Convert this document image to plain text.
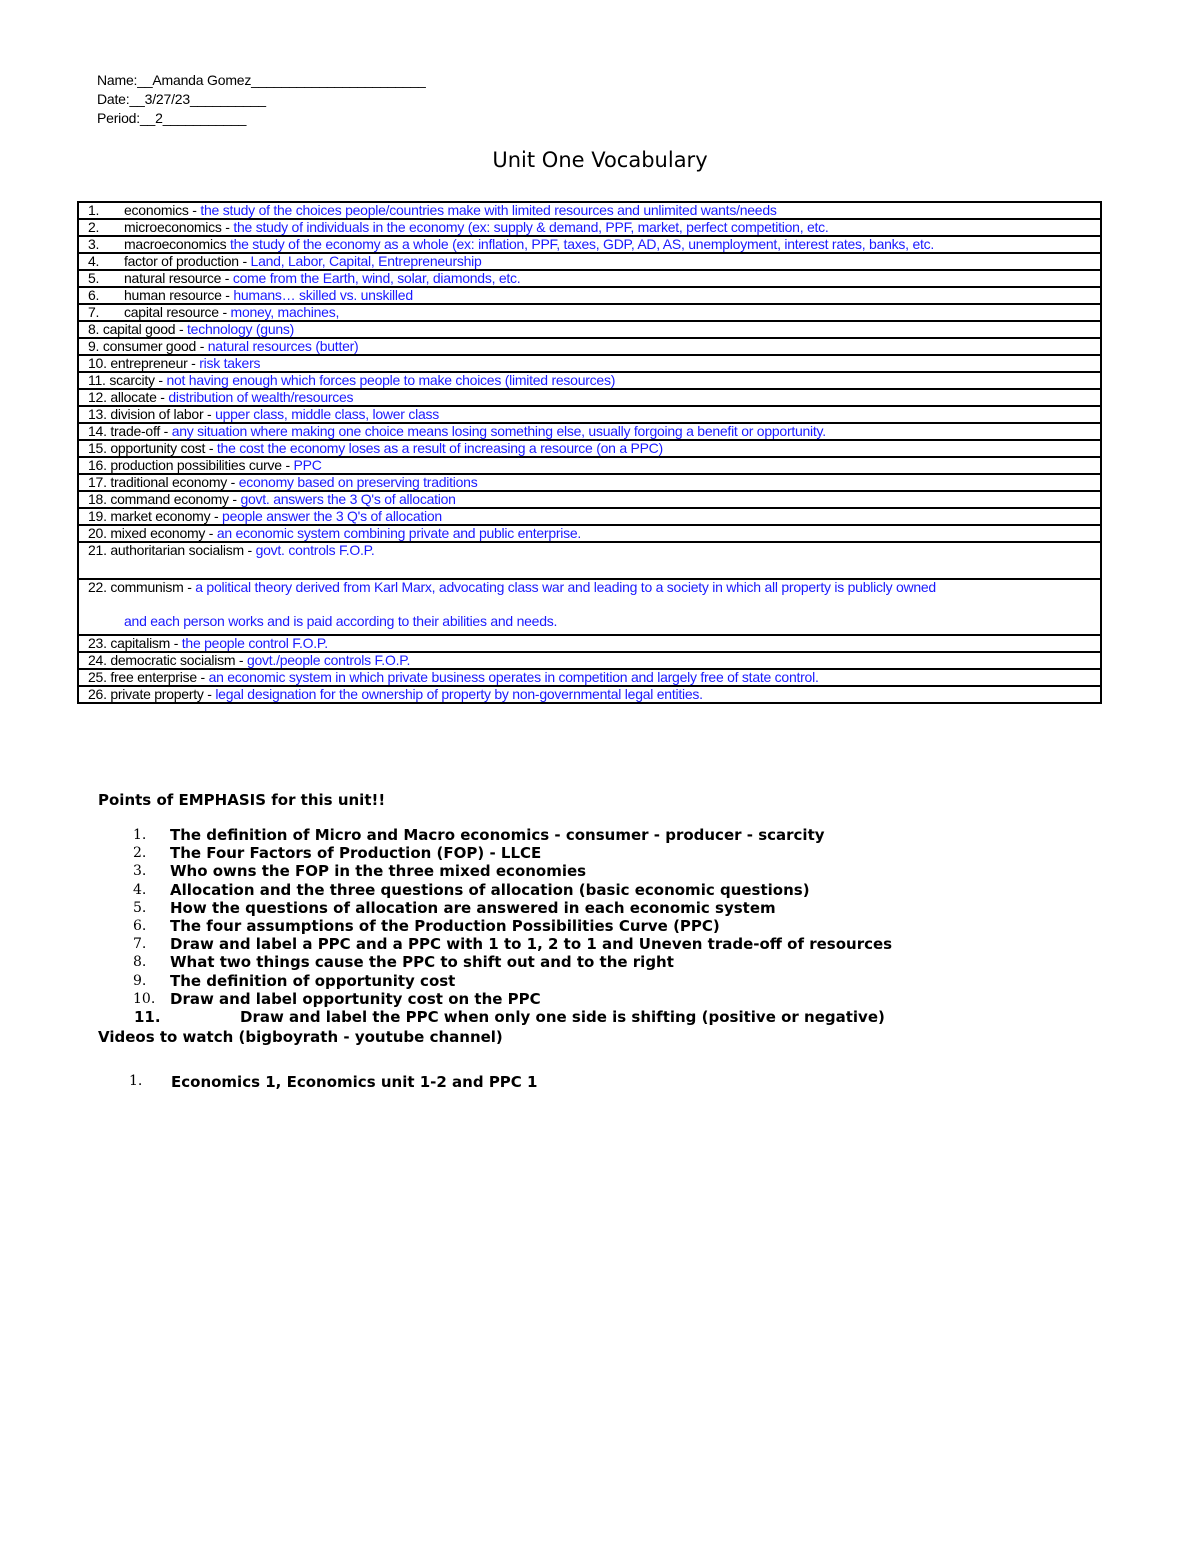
Name:__Amanda Gomez_______________________
Date:__3/27/23__________
Period:__2___________
Unit One Vocabulary
1. economics - the study of the choices people/countries make with limited resources and unlimited wants/needs
2. microeconomics - the study of individuals in the economy (ex: supply & demand, PPF, market, perfect competition, etc.
3. macroeconomics the study of the economy as a whole (ex: inflation, PPF, taxes, GDP, AD, AS, unemployment, interest rates, banks, etc.
4. factor of production - Land, Labor, Capital, Entrepreneurship
5. natural resource - come from the Earth, wind, solar, diamonds, etc.
6. human resource - humans… skilled vs. unskilled
7. capital resource - money, machines,
8. capital good - technology (guns)
9. consumer good - natural resources (butter)
10. entrepreneur - risk takers
11. scarcity - not having enough which forces people to make choices (limited resources)
12. allocate - distribution of wealth/resources
13. division of labor - upper class, middle class, lower class
14. trade-off - any situation where making one choice means losing something else, usually forgoing a benefit or opportunity.
15. opportunity cost - the cost the economy loses as a result of increasing a resource (on a PPC)
16. production possibilities curve - PPC
17. traditional economy - economy based on preserving traditions
18. command economy - govt. answers the 3 Q's of allocation
19. market economy - people answer the 3 Q's of allocation
20. mixed economy - an economic system combining private and public enterprise.
21. authoritarian socialism - govt. controls F.O.P.
22. communism - a political theory derived from Karl Marx, advocating class war and leading to a society in which all property is publicly owned
and each person works and is paid according to their abilities and needs.

23. capitalism - the people control F.O.P.
24. democratic socialism - govt./people controls F.O.P.
25. free enterprise - an economic system in which private business operates in competition and largely free of state control.
26. private property - legal designation for the ownership of property by non-governmental legal entities.
Points of EMPHASIS for this unit!!
1. The definition of Micro and Macro economics - consumer - producer - scarcity
2. The Four Factors of Production (FOP) - LLCE
3. Who owns the FOP in the three mixed economies
4. Allocation and the three questions of allocation (basic economic questions)
5. How the questions of allocation are answered in each economic system
6. The four assumptions of the Production Possibilities Curve (PPC)
7. Draw and label a PPC and a PPC with 1 to 1, 2 to 1 and Uneven trade-off of resources
8. What two things cause the PPC to shift out and to the right
9. The definition of opportunity cost
10. Draw and label opportunity cost on the PPC
11.	Draw and label the PPC when only one side is shifting (positive or negative)
Videos to watch (bigboyrath - youtube channel)
1. Economics 1, Economics unit 1-2 and PPC 1
